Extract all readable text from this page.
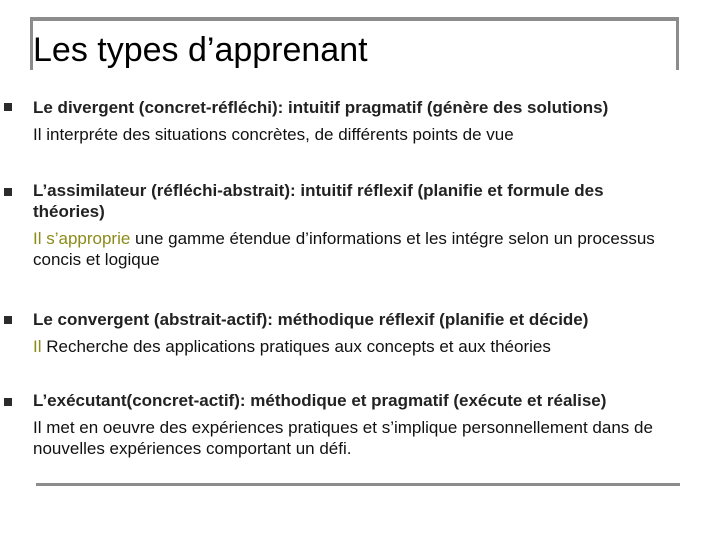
Les types d’apprenant
Le divergent (concret-réfléchi): intuitif pragmatif (génère des solutions)
Il interpréte des situations concrètes, de différents points de vue
L’assimilateur (réfléchi-abstrait): intuitif réflexif (planifie et formule des théories)
Il s’approprie une gamme étendue d’informations et les intégre selon un processus concis et logique
Le convergent (abstrait-actif): méthodique réflexif (planifie et décide)
Il Recherche des applications pratiques aux concepts et aux théories
L’exécutant(concret-actif): méthodique et pragmatif (exécute et réalise)
Il met en oeuvre des expériences pratiques et s’implique personnellement dans de nouvelles expériences comportant un défi.
